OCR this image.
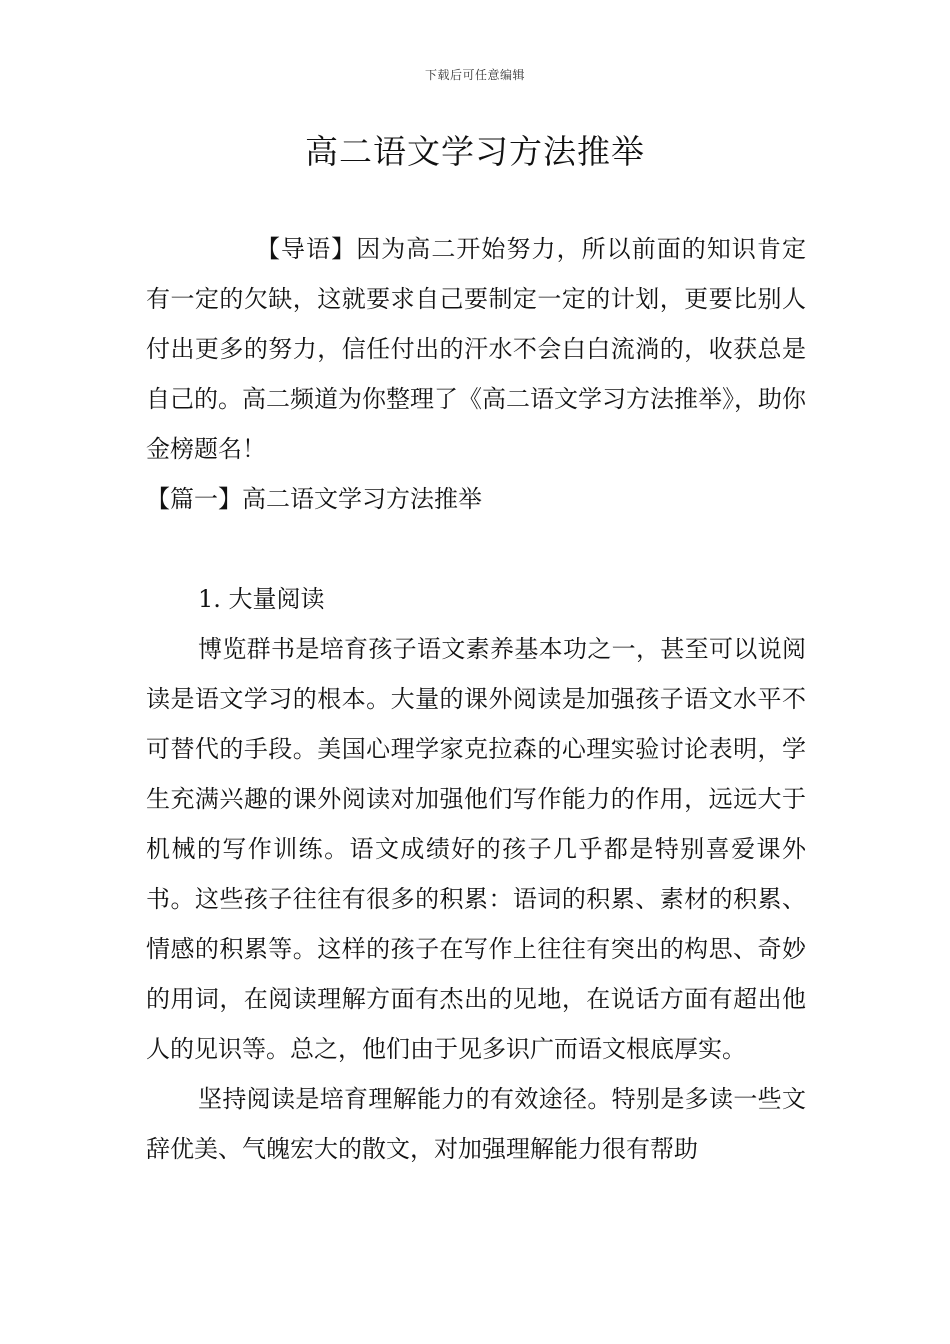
下载后可任意编辑
高二语文学习方法推举

【导语】因为高二开始努力，所以前面的知识肯定有一定的欠缺，这就要求自己要制定一定的计划，更要比别人付出更多的努力，信任付出的汗水不会白白流淌的，收获总是自己的。高二频道为你整理了《高二语文学习方法推举》，助你金榜题名！

【篇一】高二语文学习方法推举

1. 大量阅读

博览群书是培育孩子语文素养基本功之一，甚至可以说阅读是语文学习的根本。大量的课外阅读是加强孩子语文水平不可替代的手段。美国心理学家克拉森的心理实验讨论表明，学生充满兴趣的课外阅读对加强他们写作能力的作用，远远大于机械的写作训练。语文成绩好的孩子几乎都是特别喜爱课外书。这些孩子往往有很多的积累：语词的积累、素材的积累、情感的积累等。这样的孩子在写作上往往有突出的构思、奇妙的用词，在阅读理解方面有杰出的见地，在说话方面有超出他人的见识等。总之，他们由于见多识广而语文根底厚实。

坚持阅读是培育理解能力的有效途径。特别是多读一些文辞优美、气魄宏大的散文，对加强理解能力很有帮助
